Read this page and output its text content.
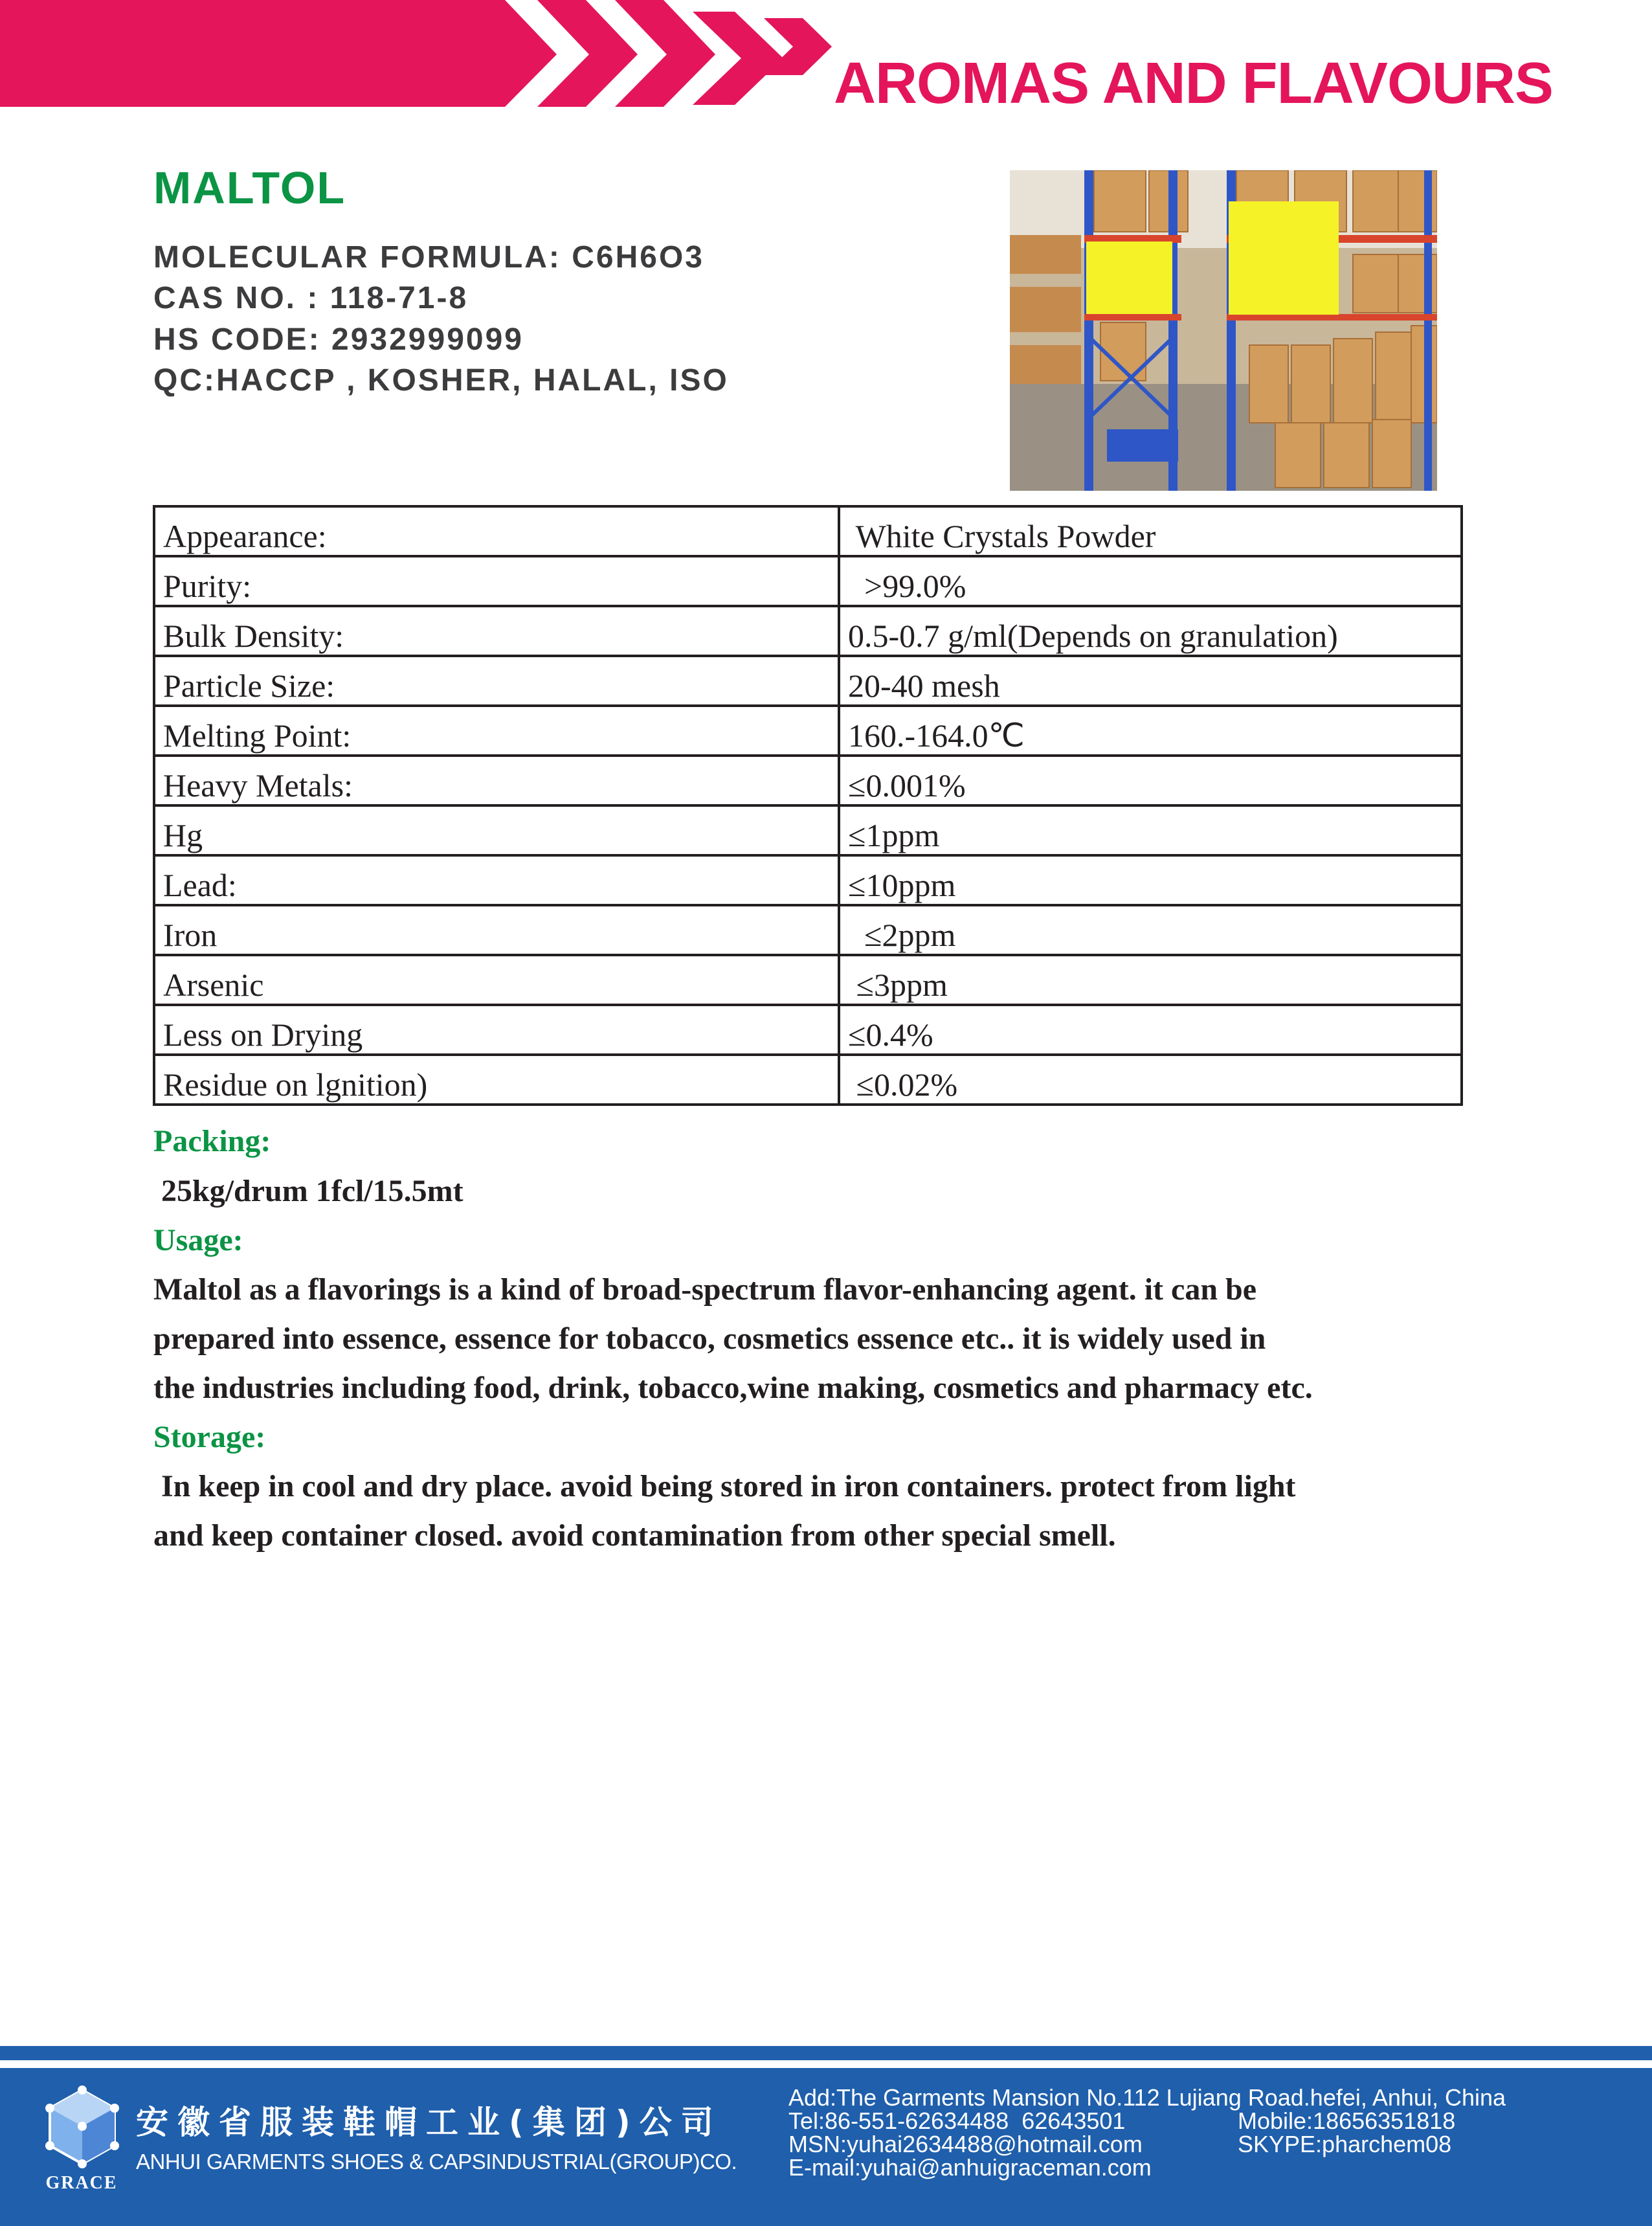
AROMAS AND FLAVOURS
MALTOL
MOLECULAR FORMULA: C6H6O3
CAS NO. : 118-71-8
HS CODE: 2932999099
QC:HACCP , KOSHER, HALAL, ISO
Appearance:	White Crystals Powder
Purity:	>99.0%
Bulk Density:	0.5-0.7 g/ml(Depends on granulation)
Particle Size:	20-40 mesh
Melting Point:	160.-164.0℃
Heavy Metals:	≤0.001%
Hg	≤1ppm
Lead:	≤10ppm
Iron	≤2ppm
Arsenic	≤3ppm
Less on Drying	≤0.4%
Residue on lgnition)	≤0.02%
Packing:
25kg/drum 1fcl/15.5mt
Usage:
Maltol as a flavorings is a kind of broad-spectrum flavor-enhancing agent. it can be
prepared into essence, essence for tobacco, cosmetics essence etc.. it is widely used in
the industries including food, drink, tobacco,wine making, cosmetics and pharmacy etc.
Storage:
In keep in cool and dry place. avoid being stored in iron containers. protect from light
and keep container closed. avoid contamination from other special smell.
GRACE
安徽省服装鞋帽工业(集团)公司
ANHUI GARMENTS SHOES & CAPSINDUSTRIAL(GROUP)CO.
Add:The Garments Mansion No.112 Lujiang Road.hefei, Anhui, China
Tel:86-551-62634488  62643501	Mobile:18656351818
MSN:yuhai2634488@hotmail.com	SKYPE:pharchem08
E-mail:yuhai@anhuigraceman.com
